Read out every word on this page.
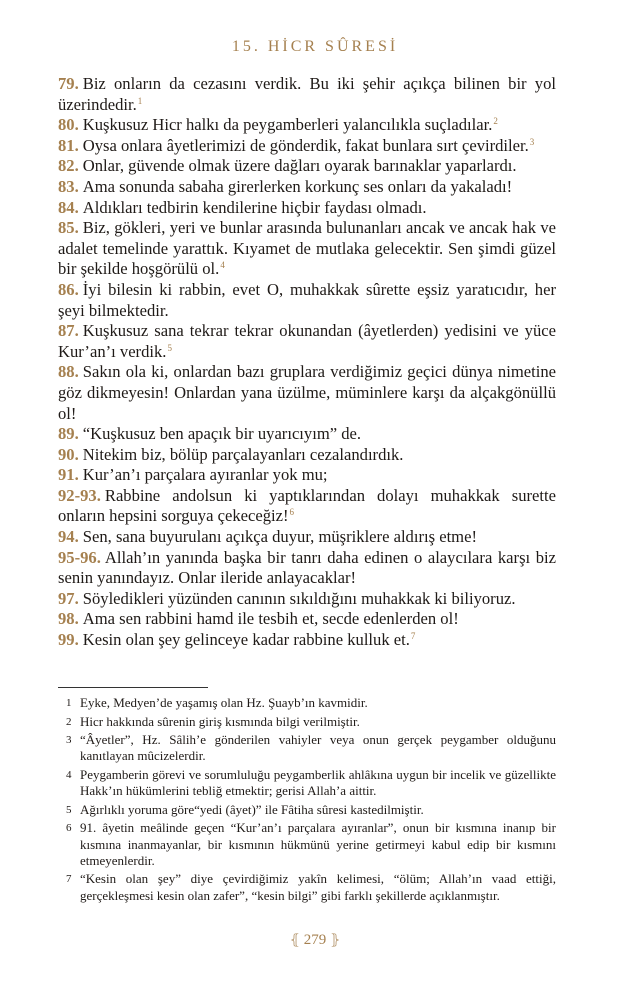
15. HİCR SÛRESİ

79. Biz onların da cezasını verdik. Bu iki şehir açıkça bilinen bir yol üzerindedir.$^1$

80. Kuşkusuz Hicr halkı da peygamberleri yalancılıkla suçladılar.$^2$

81. Oysa onlara âyetlerimizi de gönderdik, fakat bunlara sırt çevirdiler.$^3$

82. Onlar, güvende olmak üzere dağları oyarak barınaklar yaparlardı.

83. Ama sonunda sabaha girerlerken korkunç ses onları da yakaladı!

84. Aldıkları tedbirin kendilerine hiçbir faydası olmadı.

85. Biz, gökleri, yeri ve bunlar arasında bulunanları ancak ve ancak hak ve adalet temelinde yarattık. Kıyamet de mutlaka gelecektir. Sen şimdi güzel bir şekilde hoşgörülü ol.$^4$

86. İyi bilesin ki rabbin, evet O, muhakkak sûrette eşsiz yaratıcıdır, her şeyi bilmektedir.

87. Kuşkusuz sana tekrar tekrar okunandan (âyetlerden) yedisini ve yüce Kur’an’ı verdik.$^5$

88. Sakın ola ki, onlardan bazı gruplara verdiğimiz geçici dünya nimetine göz dikmeyesin! Onlardan yana üzülme, müminlere karşı da alçakgönüllü ol!

89. “Kuşkusuz ben apaçık bir uyarıcıyım” de.

90. Nitekim biz, bölüp parçalayanları cezalandırdık.

91. Kur’an’ı parçalara ayıranlar yok mu;

92-93. Rabbine andolsun ki yaptıklarından dolayı muhakkak surette onların hepsini sorguya çekeceğiz!$^6$

94. Sen, sana buyurulanı açıkça duyur, müşriklere aldırış etme!

95-96. Allah’ın yanında başka bir tanrı daha edinen o alaycılara karşı biz senin yanındayız. Onlar ileride anlayacaklar!

97. Söyledikleri yüzünden canının sıkıldığını muhakkak ki biliyoruz.

98. Ama sen rabbini hamd ile tesbih et, secde edenlerden ol!

99. Kesin olan şey gelinceye kadar rabbine kulluk et.$^7$

1 Eyke, Medyen’de yaşamış olan Hz. Şuayb’ın kavmidir.
2 Hicr hakkında sûrenin giriş kısmında bilgi verilmiştir.
3 “Âyetler”, Hz. Sâlih’e gönderilen vahiyler veya onun gerçek peygamber olduğunu kanıtlayan mûcizelerdir.
4 Peygamberin görevi ve sorumluluğu peygamberlik ahlâkına uygun bir incelik ve güzellikte Hakk’ın hükümlerini tebliğ etmektir; gerisi Allah’a aittir.
5 Ağırlıklı yoruma göre“yedi (âyet)” ile Fâtiha sûresi kastedilmiştir.
6 91. âyetin meâlinde geçen “Kur’an’ı parçalara ayıranlar”, onun bir kısmına inanıp bir kısmına inanmayanlar, bir kısmının hükmünü yerine getirmeyi kabul edip bir kısmını etmeyenlerdir.
7 “Kesin olan şey” diye çevirdiğimiz yakîn kelimesi, “ölüm; Allah’ın vaad ettiği, gerçekleşmesi kesin olan zafer”, “kesin bilgi” gibi farklı şekillerde açıklanmıştır.
⦃ 279 ⦄
